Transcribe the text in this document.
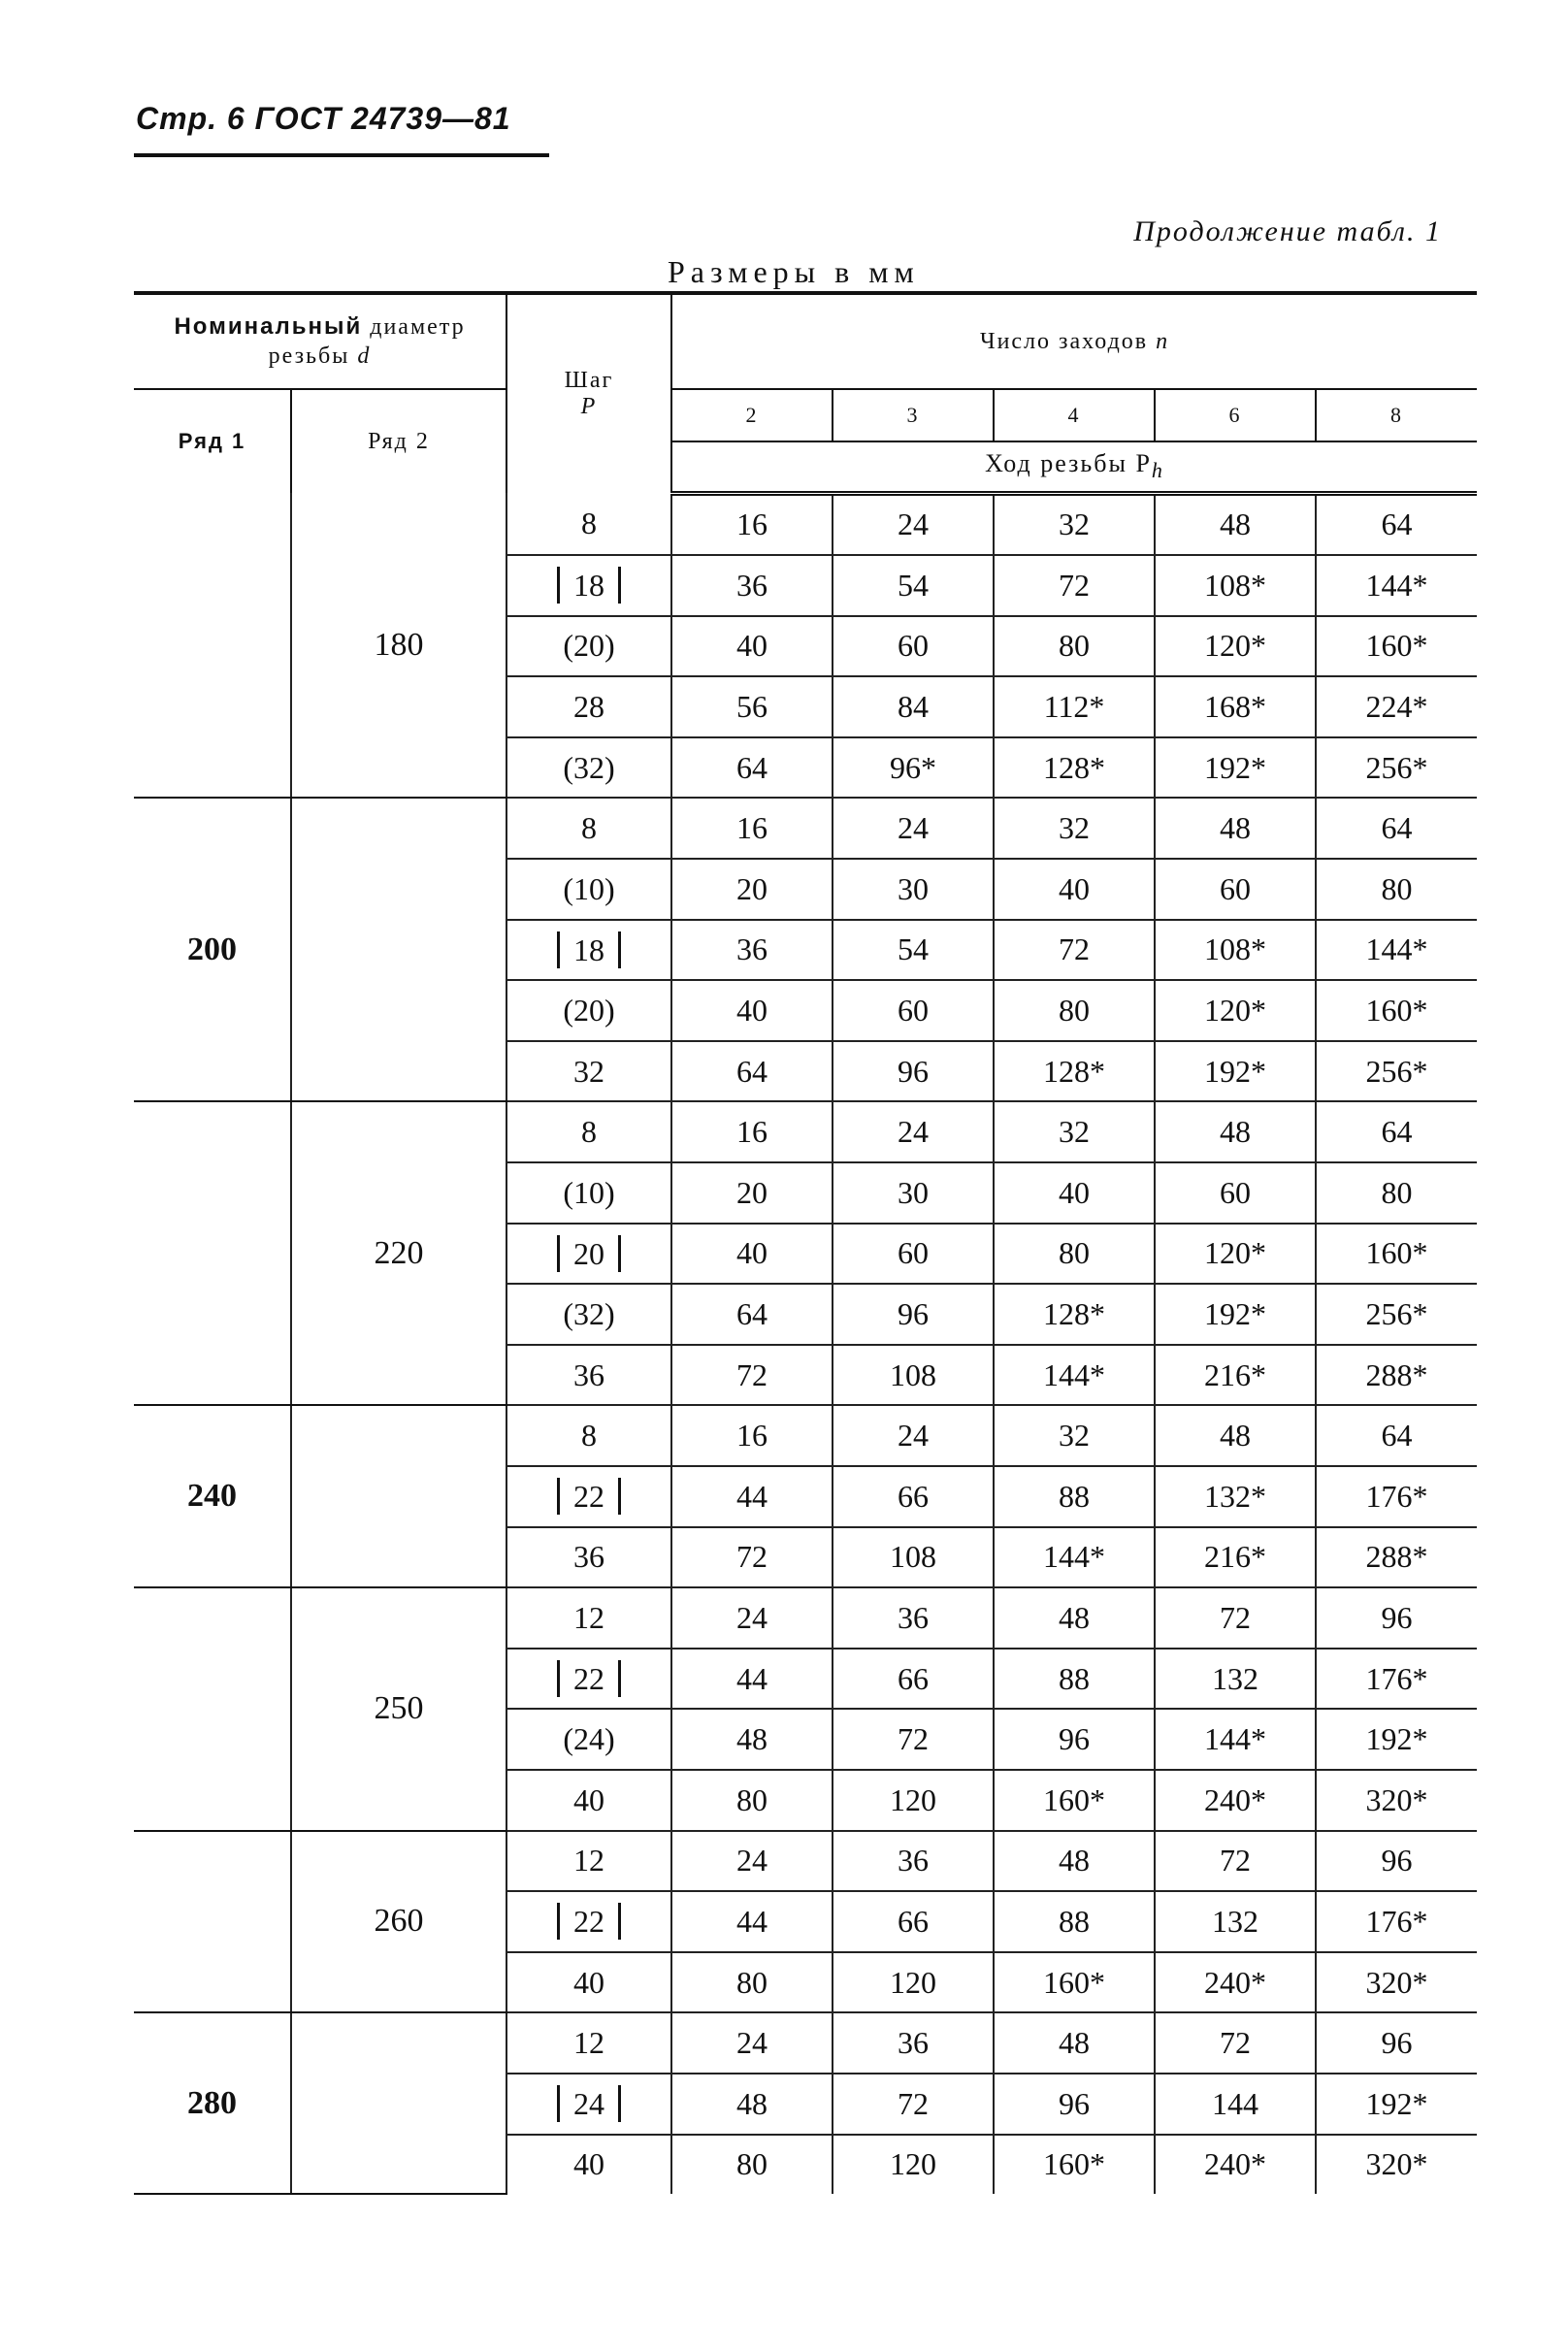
Стр. 6 ГОСТ 24739—81
Продолжение табл. 1
Размеры в мм
Номинальный диаметр резьбы d		Шаг
P	Число заходов n				
Ряд 1	Ряд 2		2	3	4	6	8
			Ход резьбы $P_h$
	180	8	16	24	32	48	64
		18	36	54	72	108*	144*
		(20)	40	60	80	120*	160*
		28	56	84	112*	168*	224*
		(32)	64	96*	128*	192*	256*
200		8	16	24	32	48	64
		(10)	20	30	40	60	80
		18	36	54	72	108*	144*
		(20)	40	60	80	120*	160*
		32	64	96	128*	192*	256*
	220	8	16	24	32	48	64
		(10)	20	30	40	60	80
		20	40	60	80	120*	160*
		(32)	64	96	128*	192*	256*
		36	72	108	144*	216*	288*
240		8	16	24	32	48	64
		22	44	66	88	132*	176*
		36	72	108	144*	216*	288*
	250	12	24	36	48	72	96
		22	44	66	88	132	176*
		(24)	48	72	96	144*	192*
		40	80	120	160*	240*	320*
	260	12	24	36	48	72	96
		22	44	66	88	132	176*
		40	80	120	160*	240*	320*
280		12	24	36	48	72	96
		24	48	72	96	144	192*
		40	80	120	160*	240*	320*
